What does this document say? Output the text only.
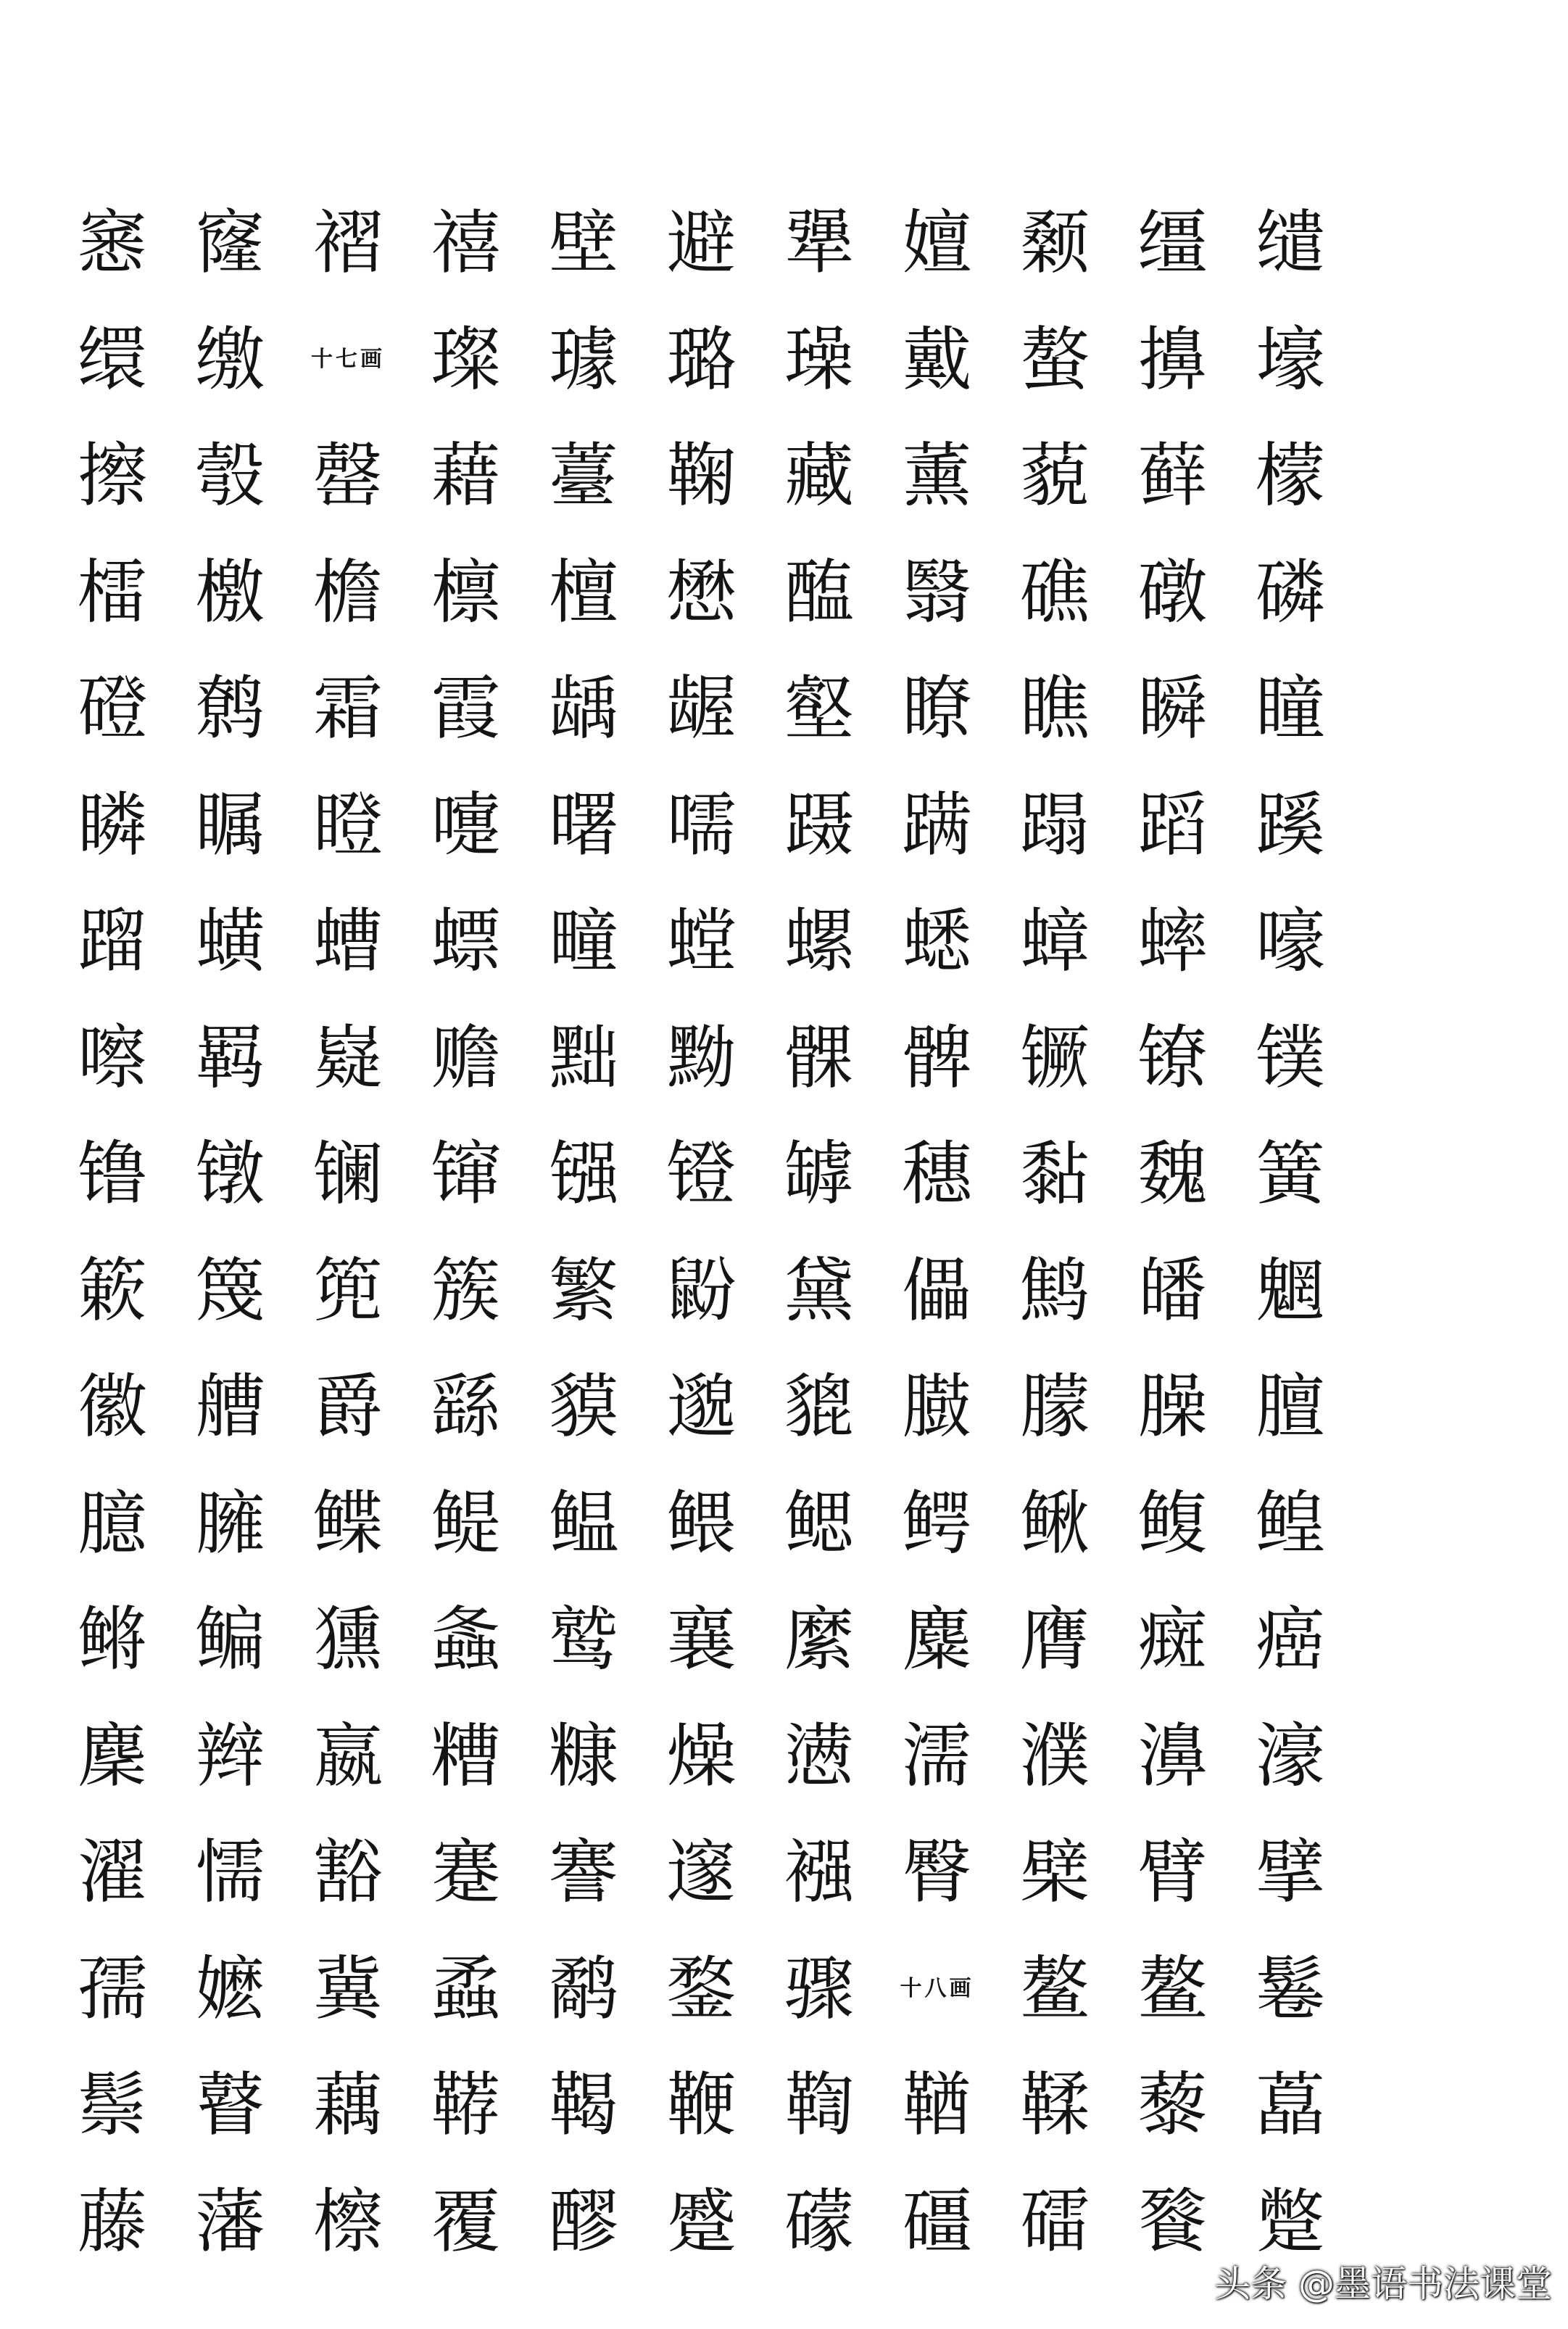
窸 窿 褶 禧 壁 避 犟 嬗 颡 缰 缱
缳 缴	十七画 璨 璩 璐 璪 戴 螯 擤 壕
擦 彀 罄 藉 薹 鞠 藏 薰 藐 藓 檬
檑 檄 檐 檩 檀 懋 醢 翳 礁 礅 磷
磴 鹩 霜 霞 龋 龌 壑 瞭 瞧 瞬 瞳
瞵 瞩 瞪 嚏 曙 嚅 蹑 蹒 蹋 蹈 蹊
蹓 蟥 螬 螵 疃 螳 螺 蟋 蟑 蟀 嚎
嚓 羁 嶷 赡 黜 黝 髁 髀 镢 镣 镤
镥 镦 镧 镩 镪 镫 罅 穗 黏 魏 簧
簌 篾 篼 簇 繁 鼢 黛 儡 鹪 皤 魍
徽 艚 爵 繇 貘 邈 貔 臌 朦 臊 膻
臆 臃 鲽 鳀 鳁 鳂 鳃 鳄 鳅 鳆 鳇
鳉 鳊 獯 螽 鹫 襄 縻 麋 膺 癍 癌
麇 辫 嬴 糟 糠 燥 懑 濡 濮 濞 濠
濯 懦 豁 蹇 謇 邃 襁 臀 檗 臂 擘
孺 嬷 冀 蟊 鹬 鍪 骤	十八画 鳌 鳌 鬈
鬃 瞽 藕 鞯 鞨 鞭 鞫 鞧 鞣 藜 藠
藤 藩 檫 覆 醪 蹙 礞 礓 礌 餮 蹩
头条 @墨语书法课堂
